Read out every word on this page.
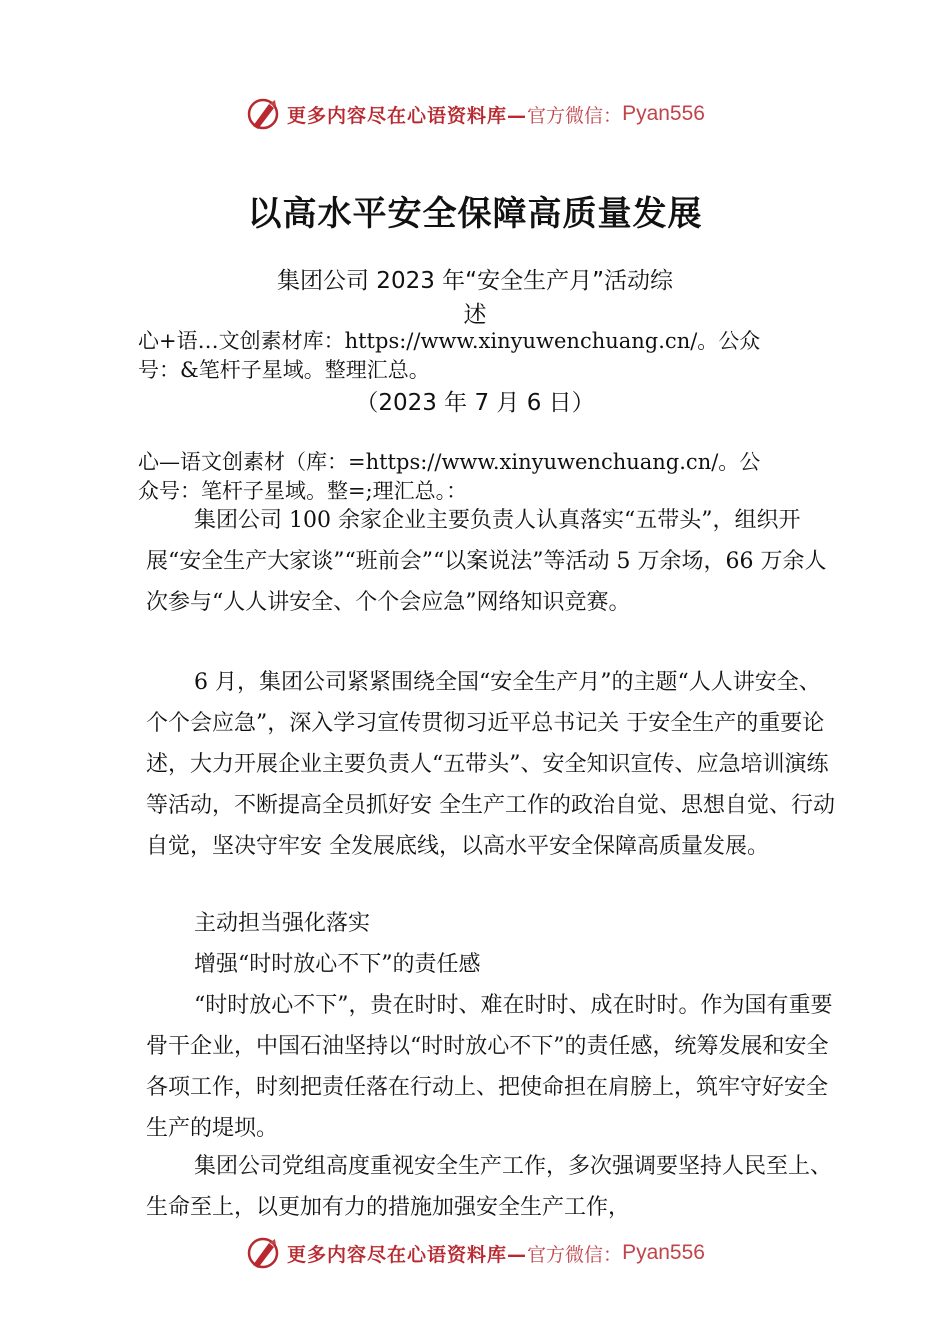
更多内容尽在心语资料库— 官方微信： Pyan556
以高水平安全保障高质量发展
集团公司 2023 年“安全生产月”活动综
述
心+语…文创素材库：https://www.xinyuwenchuang.cn/。公众
号：&笔杆子星域。整理汇总。
（2023 年 7 月 6 日）
心—语文创素材（库：=https://www.xinyuwenchuang.cn/。公
众号：笔杆子星域。整=;理汇总。：

集团公司 100 余家企业主要负责人认真落实“五带头”，组织开展“安全生产大家谈”“班前会”“以案说法”等活动 5 万余场，66 万余人次参与“人人讲安全、个个会应急”网络知识竞赛。

6 月，集团公司紧紧围绕全国“安全生产月”的主题“人人讲安全、个个会应急”，深入学习宣传贯彻习近平总书记关 于安全生产的重要论述，大力开展企业主要负责人“五带头”、安全知识宣传、应急培训演练等活动，不断提高全员抓好安 全生产工作的政治自觉、思想自觉、行动自觉，坚决守牢安 全发展底线，以高水平安全保障高质量发展。

主动担当强化落实

增强“时时放心不下”的责任感

“时时放心不下”，贵在时时、难在时时、成在时时。作为国有重要骨干企业，中国石油坚持以“时时放心不下”的责任感，统筹发展和安全各项工作，时刻把责任落在行动上、把使命担在肩膀上，筑牢守好安全生产的堤坝。

集团公司党组高度重视安全生产工作，多次强调要坚持人民至上、生命至上，以更加有力的措施加强安全生产工作，

更多内容尽在心语资料库— 官方微信： Pyan556
